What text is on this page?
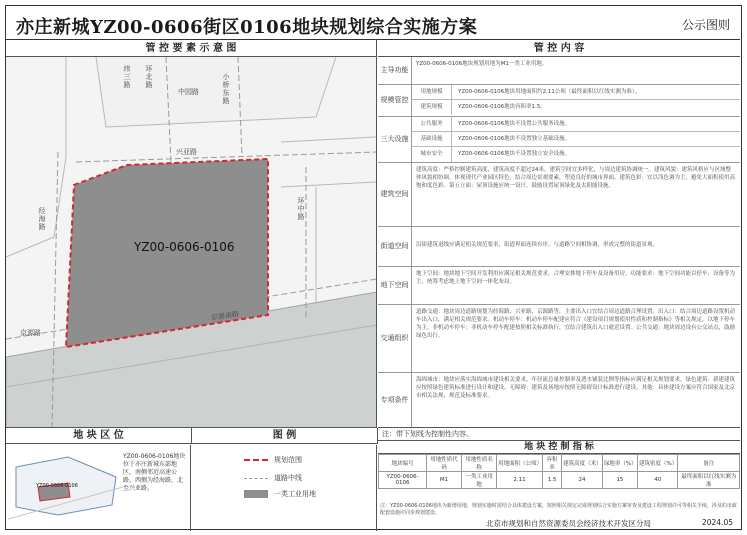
亦庄新城YZ00-0606街区0106地块规划综合实施方案	公示图则
管 控 要 素 示 意 图
YZ00-0606-0106
兴亚路
纬三路 环北路
中园路	小桥东路
经海路
京源路
京源南路
环中路
地 块 区 位	图 例
YZ00-0606-0106
YZ00-0606-0106地块位于亦庄新城东部地区，南侧邻近高速公路，西侧为经海路，北至兴亚路。
规划范围
道路中线
一类工业用地
管 控 内 容
主导功能
YZ00-0606-0106地块规划用地为M1一类工业用地。
规模管控
用地规模	YZ00-0606-0106地块用地面积约2.11公顷（最终面积以红线实测为准）。
建筑规模	YZ00-0606-0106地块容积率1.5。
三大设施
公共服务	YZ00-0606-0106地块不设置公共服务设施。
基础设施	YZ00-0606-0106地块不设置独立基础设施。
城市安全	YZ00-0606-0106地块不设置独立安全设施。
建筑空间
建筑高度：严格控制建筑高度，建筑高度不超过24米，建筑空间宜多样化，与周边建筑协调统一。建筑风貌：建筑风格应与区域整体风貌相协调，体现现代产业园区特色，结合周边景观要素，塑造良好的城市界面。建筑色彩：宜以浅色调为主，避免大面积使用高饱和度色彩。第五立面：屋顶设施应统一设计，鼓励设置屋顶绿化及太阳能设施。
街道空间	沿街建筑退线应满足相关规范要求，街道界面连续有序，与道路空间相协调，形成完整的街道景观。
地下空间
地下空间：地块地下空间开发利用应满足相关规范要求，合理安排地下停车及设备用房。功能要求：地下空间功能以停车、设备等为主，统筹考虑地上地下空间一体化布局。
交通组织
道路交通：地块周边道路规划为经海路、兴亚路、京源路等，主要出入口宜结合周边道路合理设置。出入口：结合周边道路设置机动车出入口，满足相关规范要求。机动车停车：机动车停车配建应符合《建设项目规划使用性质和控制指标》等相关规定，以地下停车为主。非机动车停车：非机动车停车配建按照相关标准执行，宜结合建筑出入口就近设置。公共交通：地块周边设有公交站点，鼓励绿色出行。
专项条件
海绵城市：地块应落实海绵城市建设相关要求，年径流总量控制率及透水铺装比例等指标应满足相关规划要求。绿色建筑：新建建筑应按照绿色建筑标准进行设计和建设。无障碍：建筑及场地应按照无障碍设计标准进行建设。其他：具体建设方案应符合国家及北京市相关法规、规范及标准要求。
注：带下划线为控制性内容。
地 块 控 制 指 标
地块编号	用地性质代码	用地性质名称	用地面积（公顷）	容积率	建筑高度（米）	绿地率（%）	建筑密度（%）	备注
YZ00-0606-0106	M1	一类工业用地	2.11	1.5	24	15	40	最终面积以红线实测为准
注：YZ00-0606-0106地块为新增用地，规划实施时需结合具体建设方案，按照相关规定完成规划综合实施方案审查及建设工程规划许可等相关手续，涉及的市政配套设施应同步规划建设。
北京市规划和自然资源委员会经济技术开发区分局	2024.05
